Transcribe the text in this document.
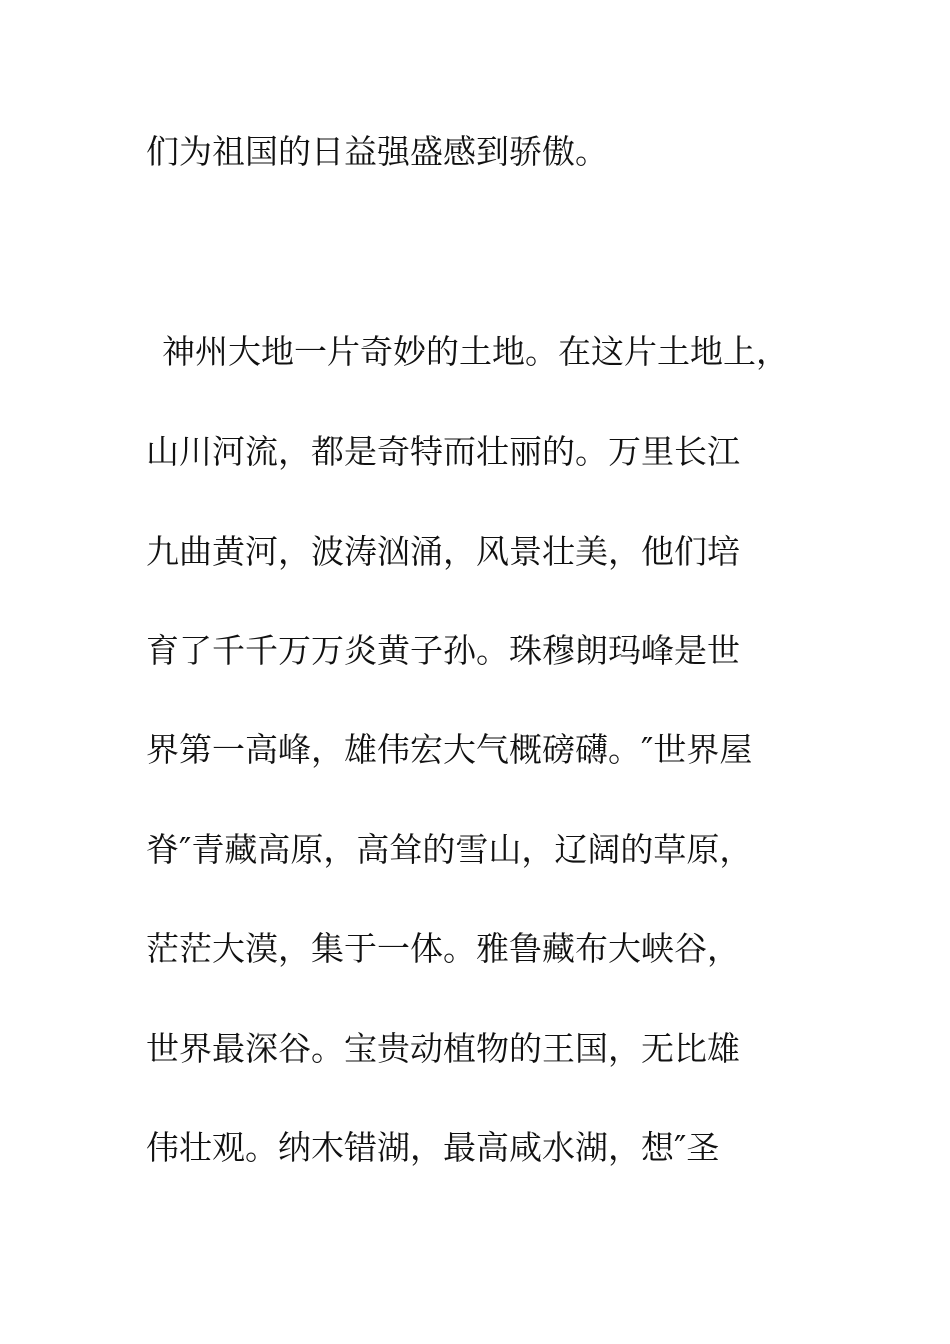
们为祖国的日益强盛感到骄傲。

神州大地一片奇妙的土地。在这片土地上，

山川河流，都是奇特而壮丽的。万里长江

九曲黄河，波涛汹涌，风景壮美，他们培

育了千千万万炎黄子孙。珠穆朗玛峰是世

界第一高峰，雄伟宏大气概磅礴。″世界屋

脊″青藏高原，高耸的雪山，辽阔的草原，

茫茫大漠，集于一体。雅鲁藏布大峡谷，

世界最深谷。宝贵动植物的王国，无比雄

伟壮观。纳木错湖，最高咸水湖，想″圣
